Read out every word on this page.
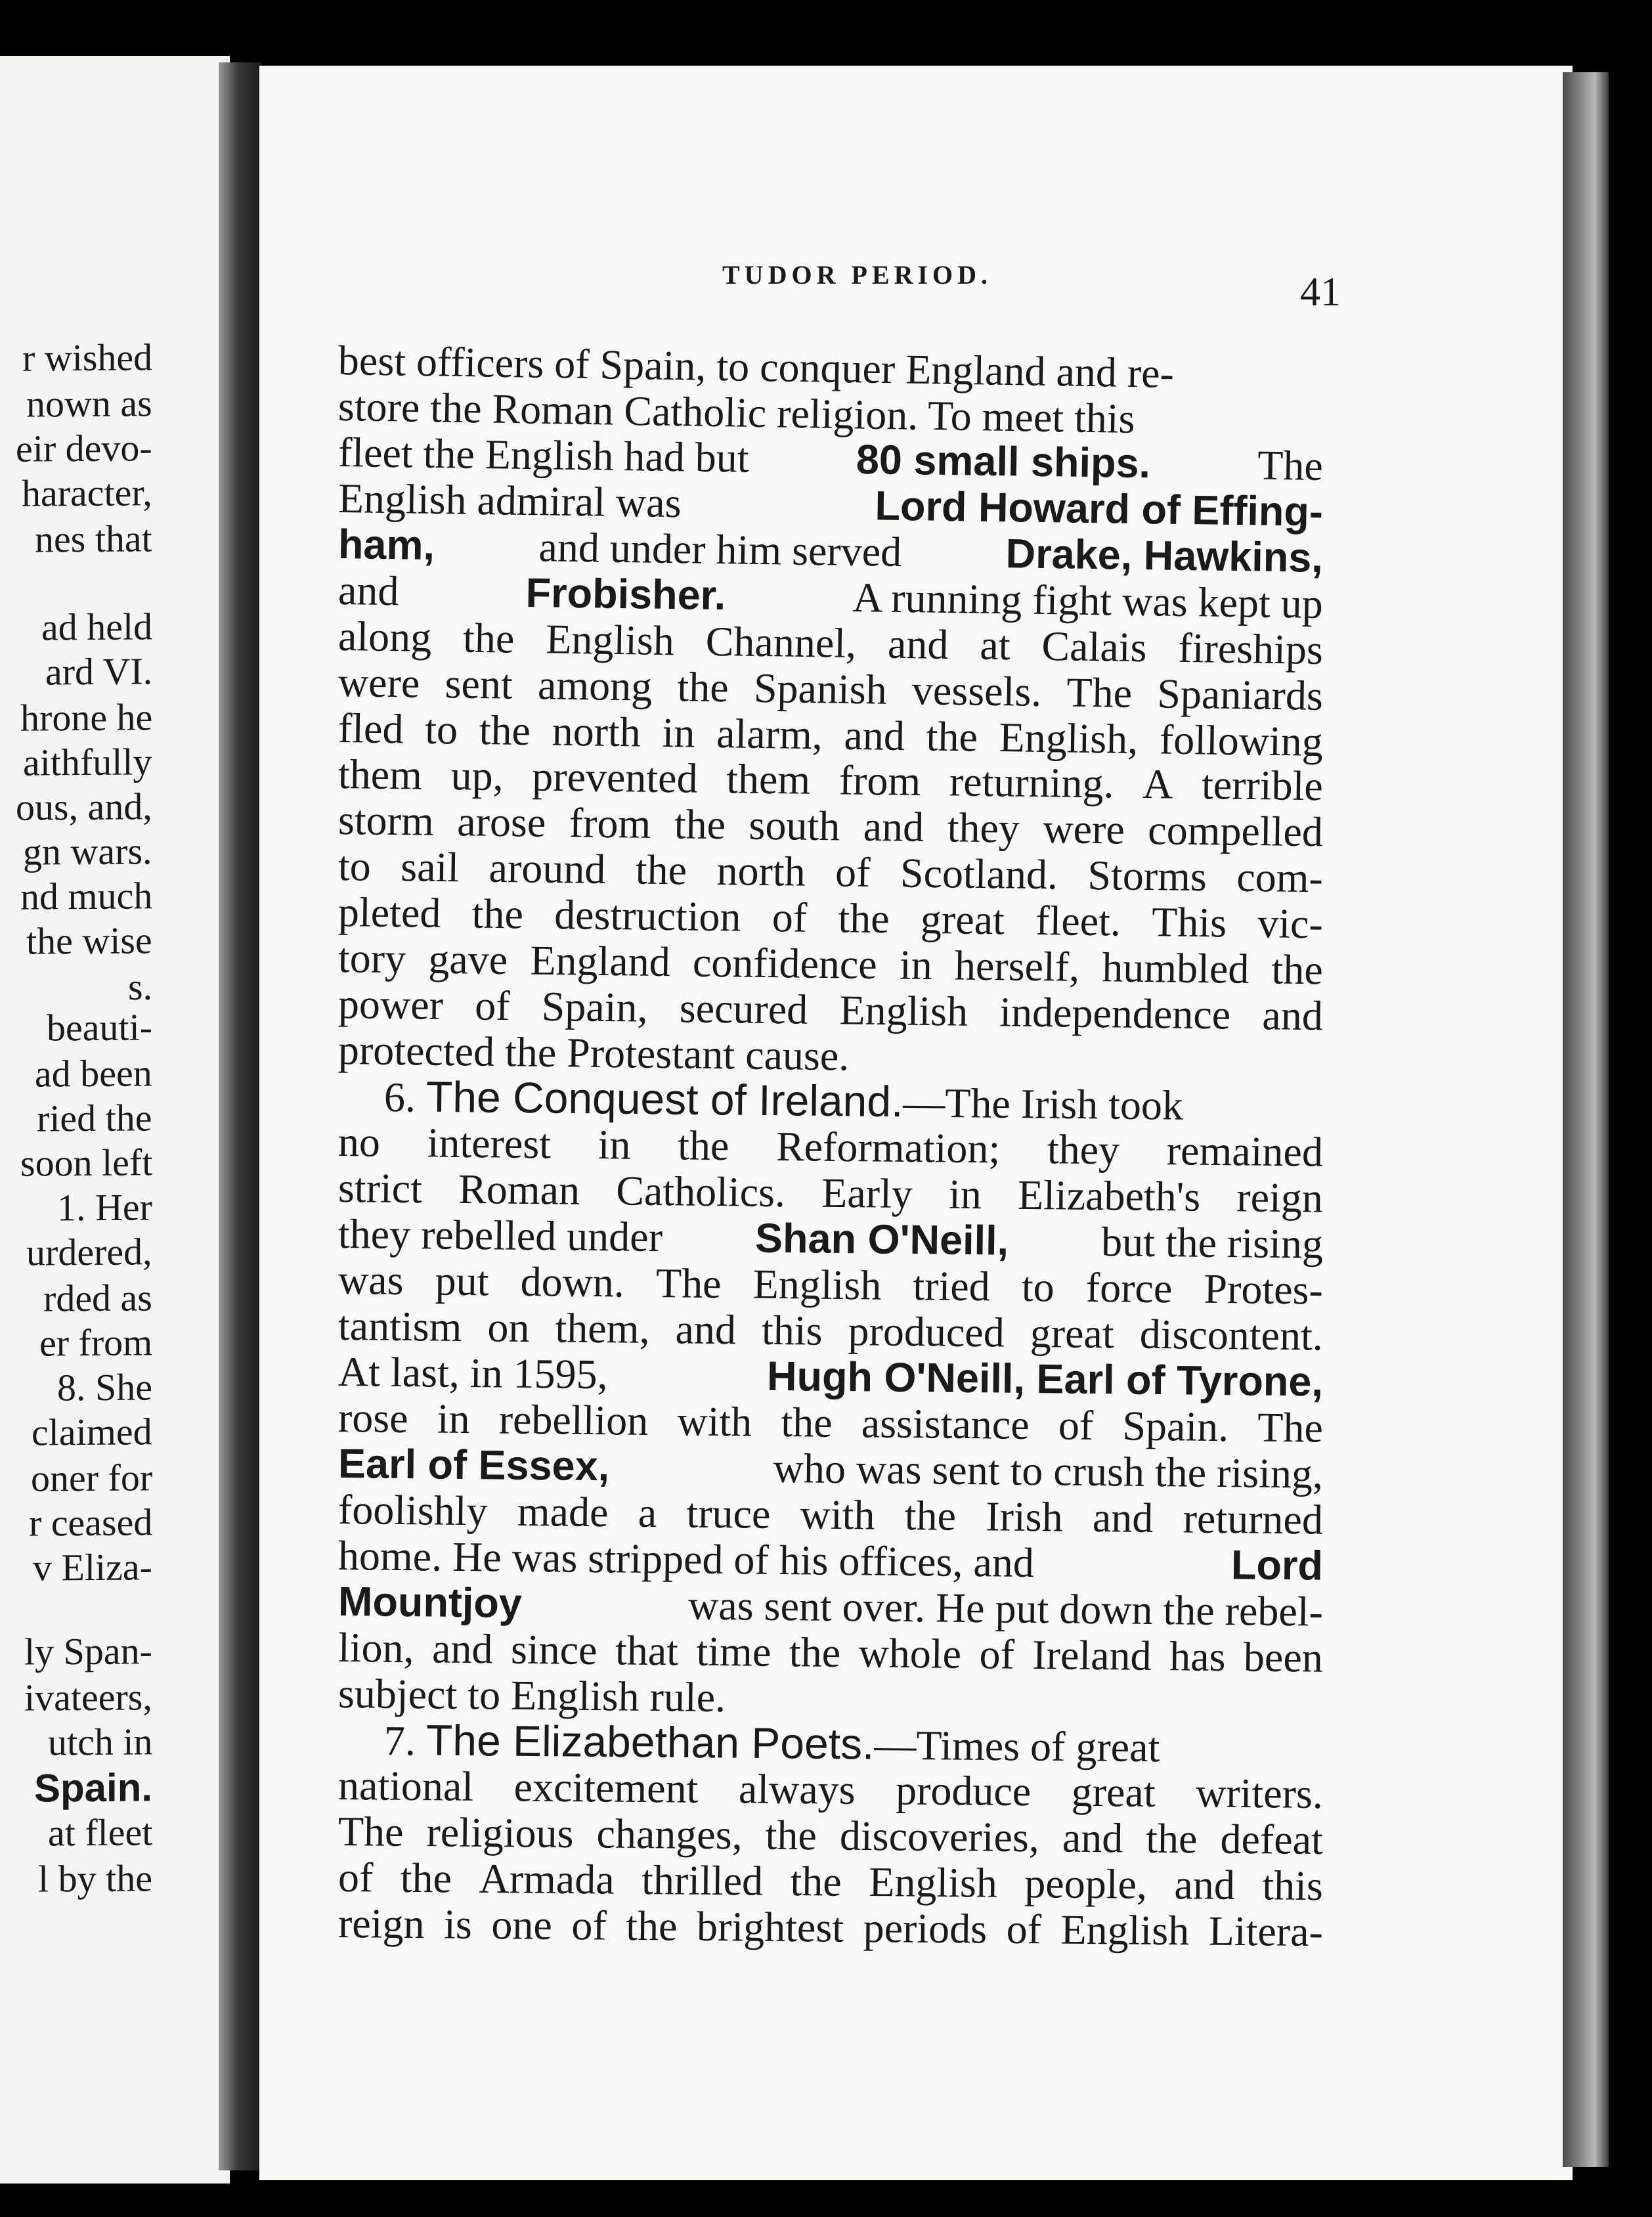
r wished
nown as
eir devo-
haracter,
nes that
ad held
ard VI.
hrone he
aithfully
ous, and,
gn wars.
nd much
the wise
s.
beauti-
ad been
ried the
soon left
1. Her
urdered,
rded as
er from
8. She
claimed
oner for
r ceased
v Eliza-
ly Span-
ivateers,
utch in
Spain.
at fleet
l by the
TUDOR PERIOD.	41
best officers of Spain, to conquer England and re-
store the Roman Catholic religion. To meet this
fleet the English had but	80 small ships.	The
English admiral was	Lord Howard of Effing-
ham, and under him served Drake, Hawkins,
and	Frobisher.	A running fight was kept up
along the English Channel, and at Calais fireships
were sent among the Spanish vessels. The Spaniards
fled to the north in alarm, and the English, following
them up, prevented them from returning. A terrible
storm arose from the south and they were compelled
to sail around the north of Scotland. Storms com-
pleted the destruction of the great fleet. This vic-
tory gave England confidence in herself, humbled the
power of Spain, secured English independence and
protected the Protestant cause.
6. The Conquest of Ireland.—The Irish took
no interest in the Reformation; they remained
strict Roman Catholics. Early in Elizabeth's reign
they rebelled under Shan O'Neill, but the rising
was put down. The English tried to force Protes-
tantism on them, and this produced great discontent.
At last, in 1595,	Hugh O'Neill, Earl of Tyrone,
rose in rebellion with the assistance of Spain. The
Earl of Essex,	who was sent to crush the rising,
foolishly made a truce with the Irish and returned
home. He was stripped of his offices, and	Lord
Mountjoy	was sent over. He put down the rebel-
lion, and since that time the whole of Ireland has been
subject to English rule.
7. The Elizabethan Poets.—Times of great
national excitement always produce great writers.
The religious changes, the discoveries, and the defeat
of the Armada thrilled the English people, and this
reign is one of the brightest periods of English Litera-
